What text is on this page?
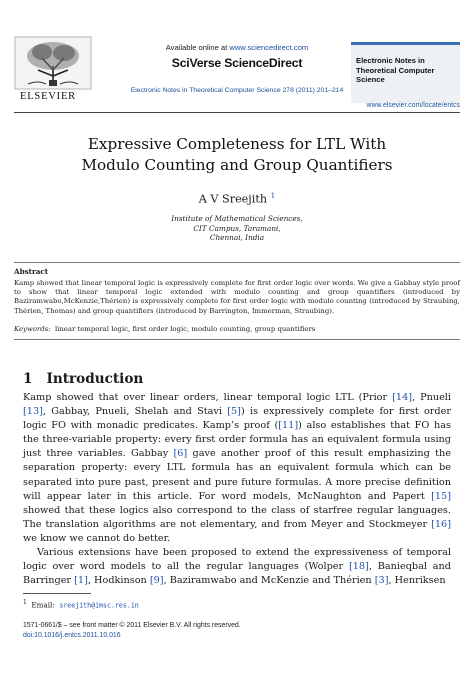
ELSEVIER
Available online at www.sciencedirect.com
SciVerse ScienceDirect
Electronic Notes in Theoretical Computer Science 278 (2011) 201–214
Electronic Notes in
Theoretical Computer
Science
www.elsevier.com/locate/entcs
Expressive Completeness for LTL With
Modulo Counting and Group Quantifiers
A V Sreejith $^1$
Institute of Mathematical Sciences,
CIT Campus, Taramani,
Chennai, India
Abstract
Kamp showed that linear temporal logic is expressively complete for first order logic over words. We give a Gabbay style proof to show that linear temporal logic extended with modulo counting and group quantifiers (introduced by Baziramwabo,McKenzie,Thérien) is expressively complete for first order logic with modulo counting (introduced by Straubing, Thérien, Thomas) and group quantifiers (introduced by Barrington, Immerman, Straubing).
Keywords: linear temporal logic, first order logic, modulo counting, group quantifiers
1 Introduction
Kamp showed that over linear orders, linear temporal logic LTL (Prior [14], Pnueli [13], Gabbay, Pnueli, Shelah and Stavi [5]) is expressively complete for first order logic FO with monadic predicates. Kamp’s proof ([11]) also establishes that FO has the three-variable property: every first order formula has an equivalent formula using just three variables. Gabbay [6] gave another proof of this result emphasizing the separation property: every LTL formula has an equivalent formula which can be separated into pure past, present and pure future formulas. A more precise definition will appear later in this article. For word models, McNaughton and Papert [15] showed that these logics also correspond to the class of starfree regular languages. The translation algorithms are not elementary, and from Meyer and Stockmeyer [16] we know we cannot do better.
Various extensions have been proposed to extend the expressiveness of temporal logic over word models to all the regular languages (Wolper [18], Banieqbal and Barringer [1], Hodkinson [9], Baziramwabo and McKenzie and Thérien [3], Henriksen
$^1$ Email: sreejith@imsc.res.in
1571-0661/$ – see front matter © 2011 Elsevier B.V. All rights reserved.
doi:10.1016/j.entcs.2011.10.016
